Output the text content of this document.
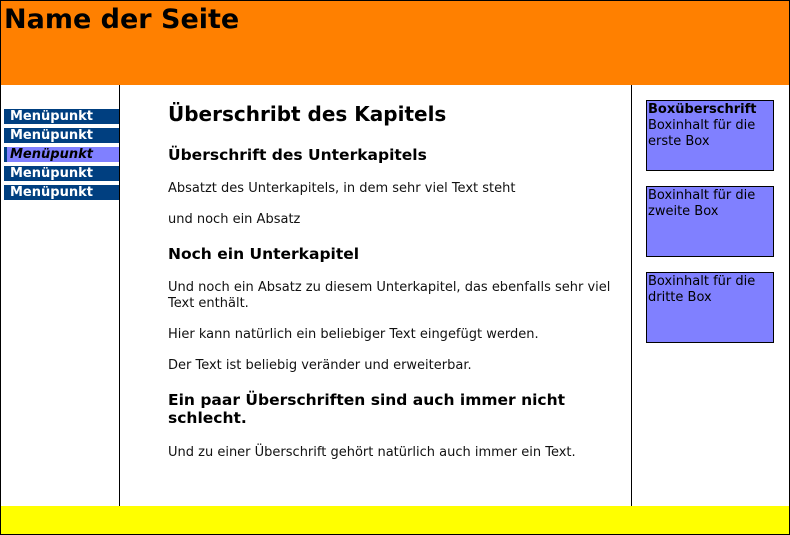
Name der Seite
Menüpunkt
Menüpunkt
Menüpunkt
Menüpunkt
Menüpunkt
Überschribt des Kapitels
Überschrift des Unterkapitels

Absatzt des Unterkapitels, in dem sehr viel Text steht

und noch ein Absatz

Noch ein Unterkapitel

Und noch ein Absatz zu diesem Unterkapitel, das ebenfalls sehr viel Text enthält.

Hier kann natürlich ein beliebiger Text eingefügt werden.

Der Text ist beliebig veränder und erweiterbar.

Ein paar Überschriften sind auch immer nicht schlecht.

Und zu einer Überschrift gehört natürlich auch immer ein Text.

Boxüberschrift
Boxinhalt für die erste Box
Boxinhalt für die zweite Box
Boxinhalt für die dritte Box
